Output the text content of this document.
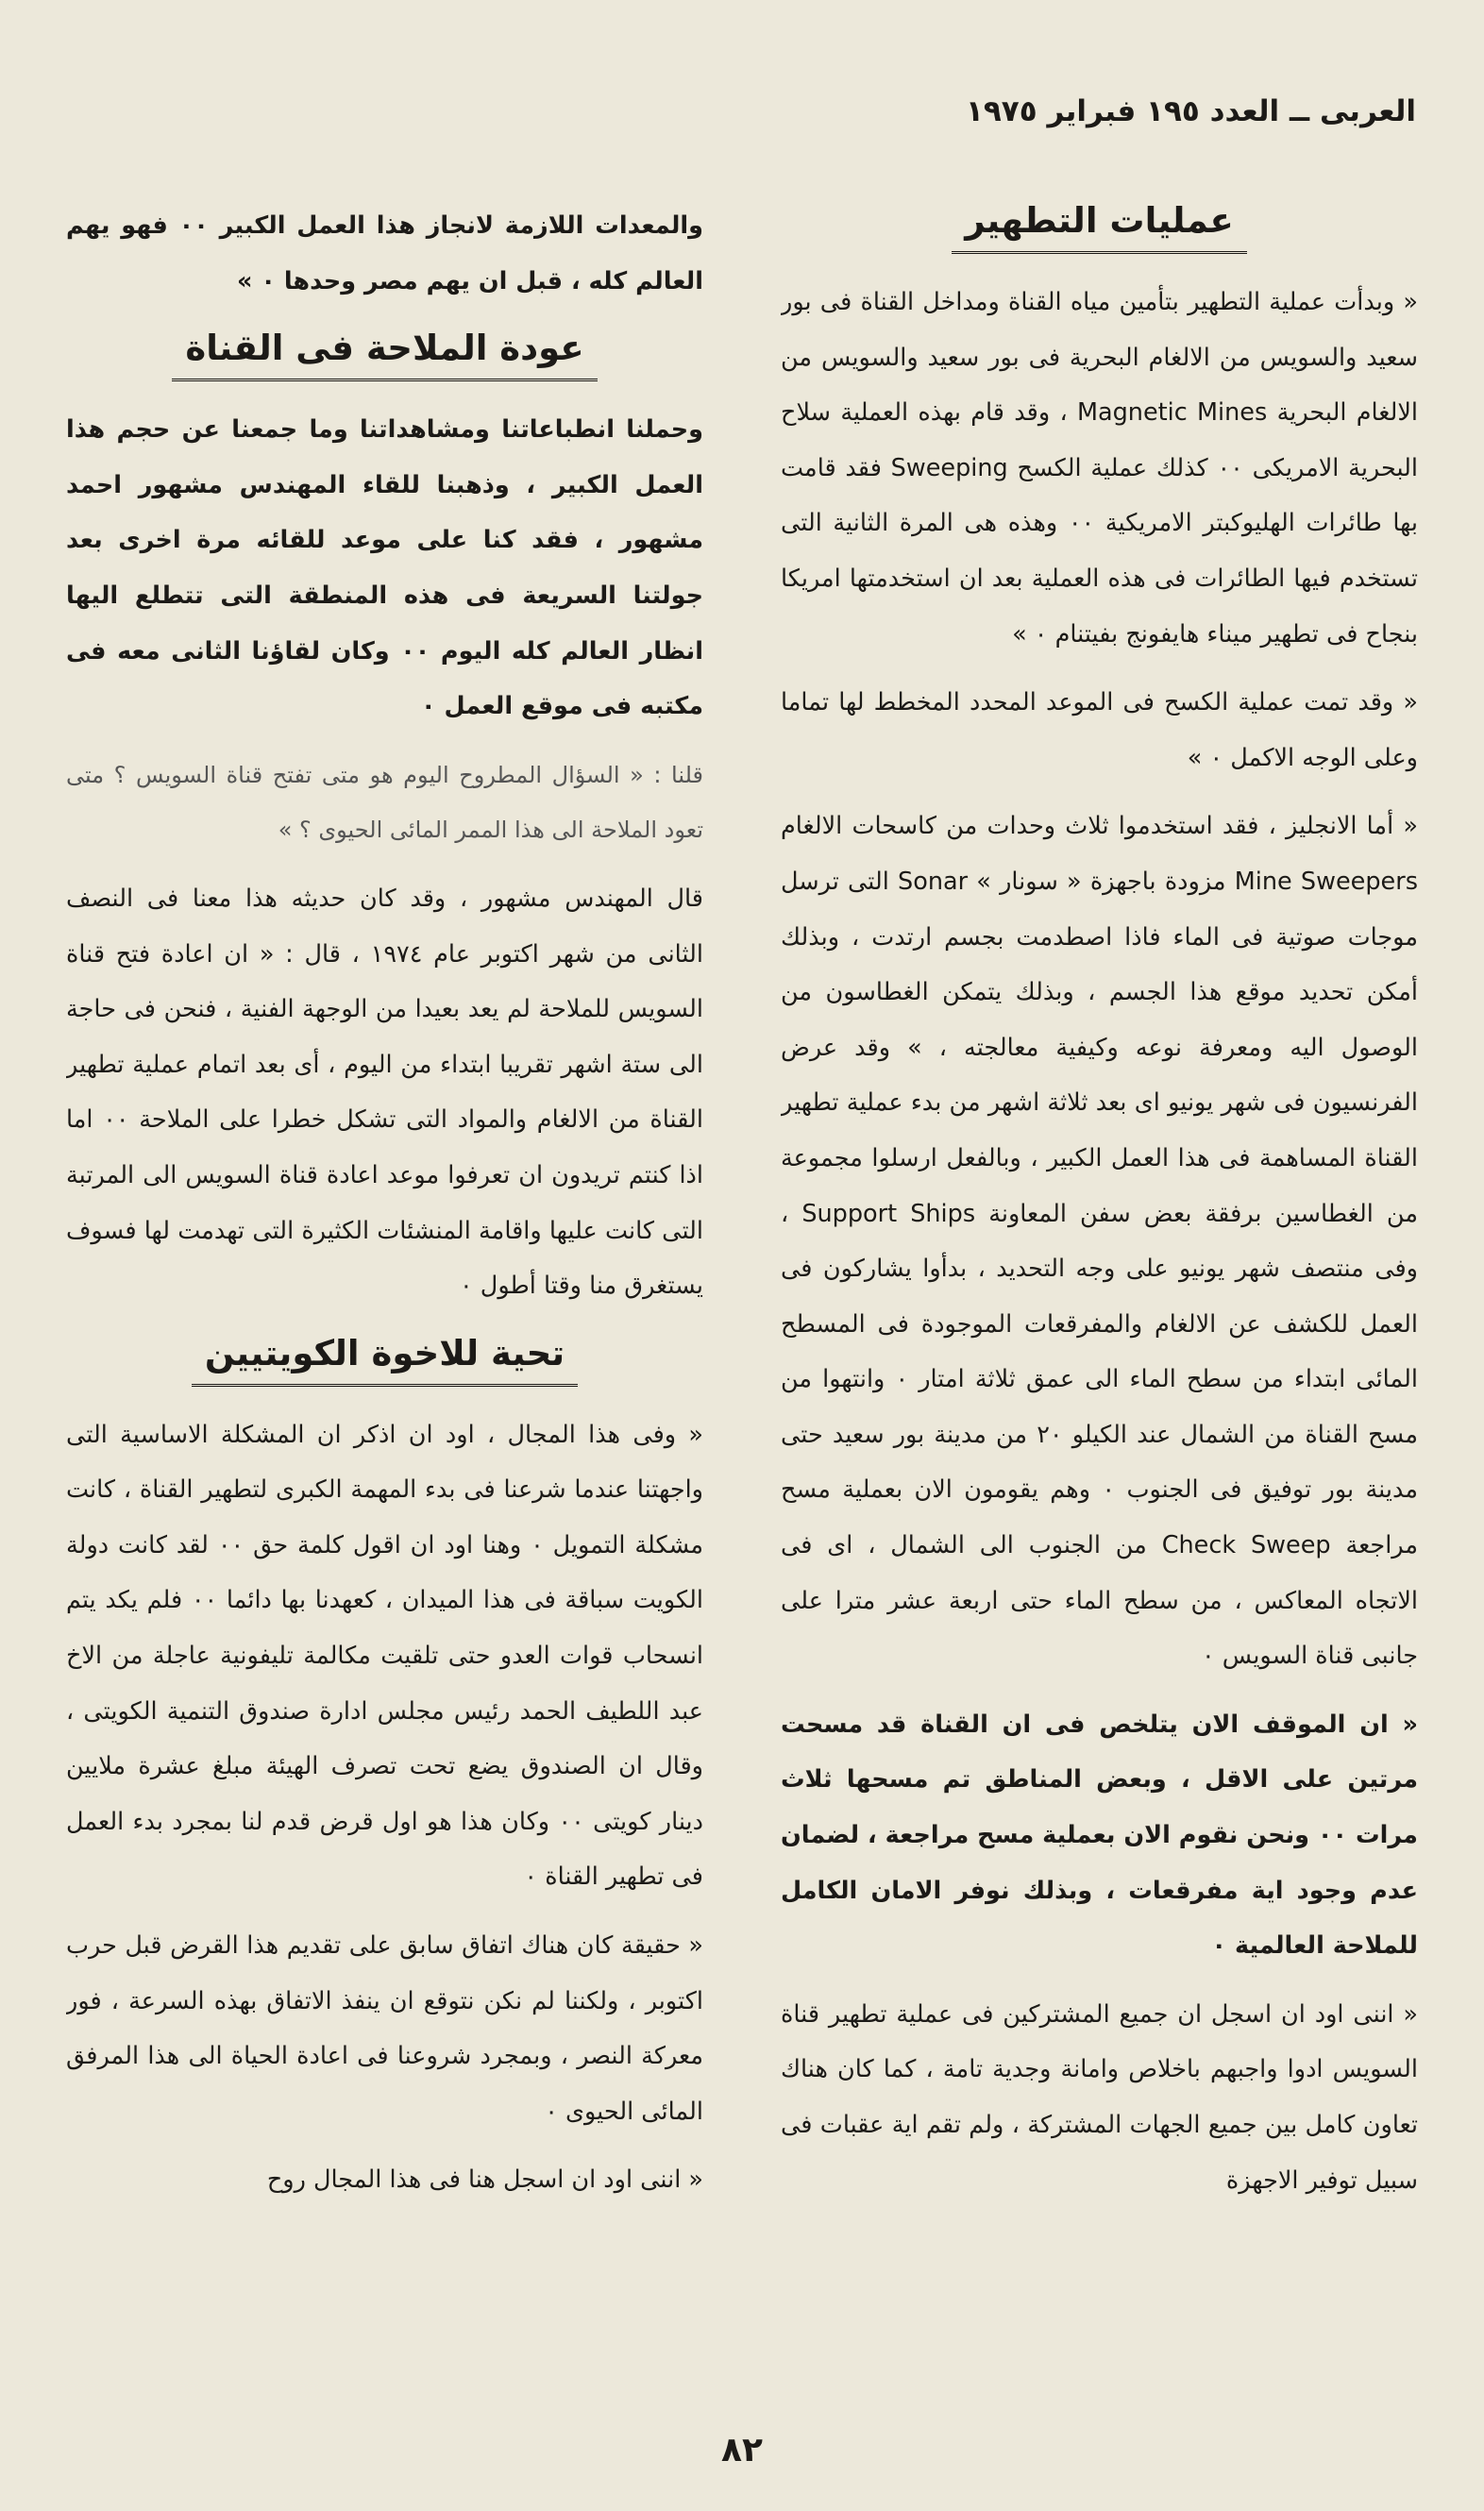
العربى ــ العدد ١٩٥ فبراير ١٩٧٥
عمليات التطهير

« وبدأت عملية التطهير بتأمين مياه القناة ومداخل القناة فى بور سعيد والسويس من الالغام البحرية فى بور سعيد والسويس من الالغام البحرية Magnetic Mines ، وقد قام بهذه العملية سلاح البحرية الامريكى ٠٠ كذلك عملية الكسح Sweeping فقد قامت بها طائرات الهليوكبتر الامريكية ٠٠ وهذه هى المرة الثانية التى تستخدم فيها الطائرات فى هذه العملية بعد ان استخدمتها امريكا بنجاح فى تطهير ميناء هايفونج بفيتنام ٠ »

« وقد تمت عملية الكسح فى الموعد المحدد المخطط لها تماما وعلى الوجه الاكمل ٠ »

« أما الانجليز ، فقد استخدموا ثلاث وحدات من كاسحات الالغام Mine Sweepers مزودة باجهزة « سونار » Sonar التى ترسل موجات صوتية فى الماء فاذا اصطدمت بجسم ارتدت ، وبذلك أمكن تحديد موقع هذا الجسم ، وبذلك يتمكن الغطاسون من الوصول اليه ومعرفة نوعه وكيفية معالجته ، » وقد عرض الفرنسيون فى شهر يونيو اى بعد ثلاثة اشهر من بدء عملية تطهير القناة المساهمة فى هذا العمل الكبير ، وبالفعل ارسلوا مجموعة من الغطاسين برفقة بعض سفن المعاونة Support Ships ، وفى منتصف شهر يونيو على وجه التحديد ، بدأوا يشاركون فى العمل للكشف عن الالغام والمفرقعات الموجودة فى المسطح المائى ابتداء من سطح الماء الى عمق ثلاثة امتار ٠ وانتهوا من مسح القناة من الشمال عند الكيلو ٢٠ من مدينة بور سعيد حتى مدينة بور توفيق فى الجنوب ٠ وهم يقومون الان بعملية مسح مراجعة Check Sweep من الجنوب الى الشمال ، اى فى الاتجاه المعاكس ، من سطح الماء حتى اربعة عشر مترا على جانبى قناة السويس ٠

« ان الموقف الان يتلخص فى ان القناة قد مسحت مرتين على الاقل ، وبعض المناطق تم مسحها ثلاث مرات ٠٠ ونحن نقوم الان بعملية مسح مراجعة ، لضمان عدم وجود اية مفرقعات ، وبذلك نوفر الامان الكامل للملاحة العالمية ٠

« اننى اود ان اسجل ان جميع المشتركين فى عملية تطهير قناة السويس ادوا واجبهم باخلاص وامانة وجدية تامة ، كما كان هناك تعاون كامل بين جميع الجهات المشتركة ، ولم تقم اية عقبات فى سبيل توفير الاجهزة

والمعدات اللازمة لانجاز هذا العمل الكبير ٠٠ فهو يهم العالم كله ، قبل ان يهم مصر وحدها ٠ »

عودة الملاحة فى القناة

وحملنا انطباعاتنا ومشاهداتنا وما جمعنا عن حجم هذا العمل الكبير ، وذهبنا للقاء المهندس مشهور احمد مشهور ، فقد كنا على موعد للقائه مرة اخرى بعد جولتنا السريعة فى هذه المنطقة التى تتطلع اليها انظار العالم كله اليوم ٠٠ وكان لقاؤنا الثانى معه فى مكتبه فى موقع العمل ٠

قلنا : « السؤال المطروح اليوم هو متى تفتح قناة السويس ؟ متى تعود الملاحة الى هذا الممر المائى الحيوى ؟ »

قال المهندس مشهور ، وقد كان حديثه هذا معنا فى النصف الثانى من شهر اكتوبر عام ١٩٧٤ ، قال : « ان اعادة فتح قناة السويس للملاحة لم يعد بعيدا من الوجهة الفنية ، فنحن فى حاجة الى ستة اشهر تقريبا ابتداء من اليوم ، أى بعد اتمام عملية تطهير القناة من الالغام والمواد التى تشكل خطرا على الملاحة ٠٠ اما اذا كنتم تريدون ان تعرفوا موعد اعادة قناة السويس الى المرتبة التى كانت عليها واقامة المنشئات الكثيرة التى تهدمت لها فسوف يستغرق منا وقتا أطول ٠

تحية للاخوة الكويتيين

« وفى هذا المجال ، اود ان اذكر ان المشكلة الاساسية التى واجهتنا عندما شرعنا فى بدء المهمة الكبرى لتطهير القناة ، كانت مشكلة التمويل ٠ وهنا اود ان اقول كلمة حق ٠٠ لقد كانت دولة الكويت سباقة فى هذا الميدان ، كعهدنا بها دائما ٠٠ فلم يكد يتم انسحاب قوات العدو حتى تلقيت مكالمة تليفونية عاجلة من الاخ عبد اللطيف الحمد رئيس مجلس ادارة صندوق التنمية الكويتى ، وقال ان الصندوق يضع تحت تصرف الهيئة مبلغ عشرة ملايين دينار كويتى ٠٠ وكان هذا هو اول قرض قدم لنا بمجرد بدء العمل فى تطهير القناة ٠

« حقيقة كان هناك اتفاق سابق على تقديم هذا القرض قبل حرب اكتوبر ، ولكننا لم نكن نتوقع ان ينفذ الاتفاق بهذه السرعة ، فور معركة النصر ، وبمجرد شروعنا فى اعادة الحياة الى هذا المرفق المائى الحيوى ٠

« اننى اود ان اسجل هنا فى هذا المجال روح

٨٢
